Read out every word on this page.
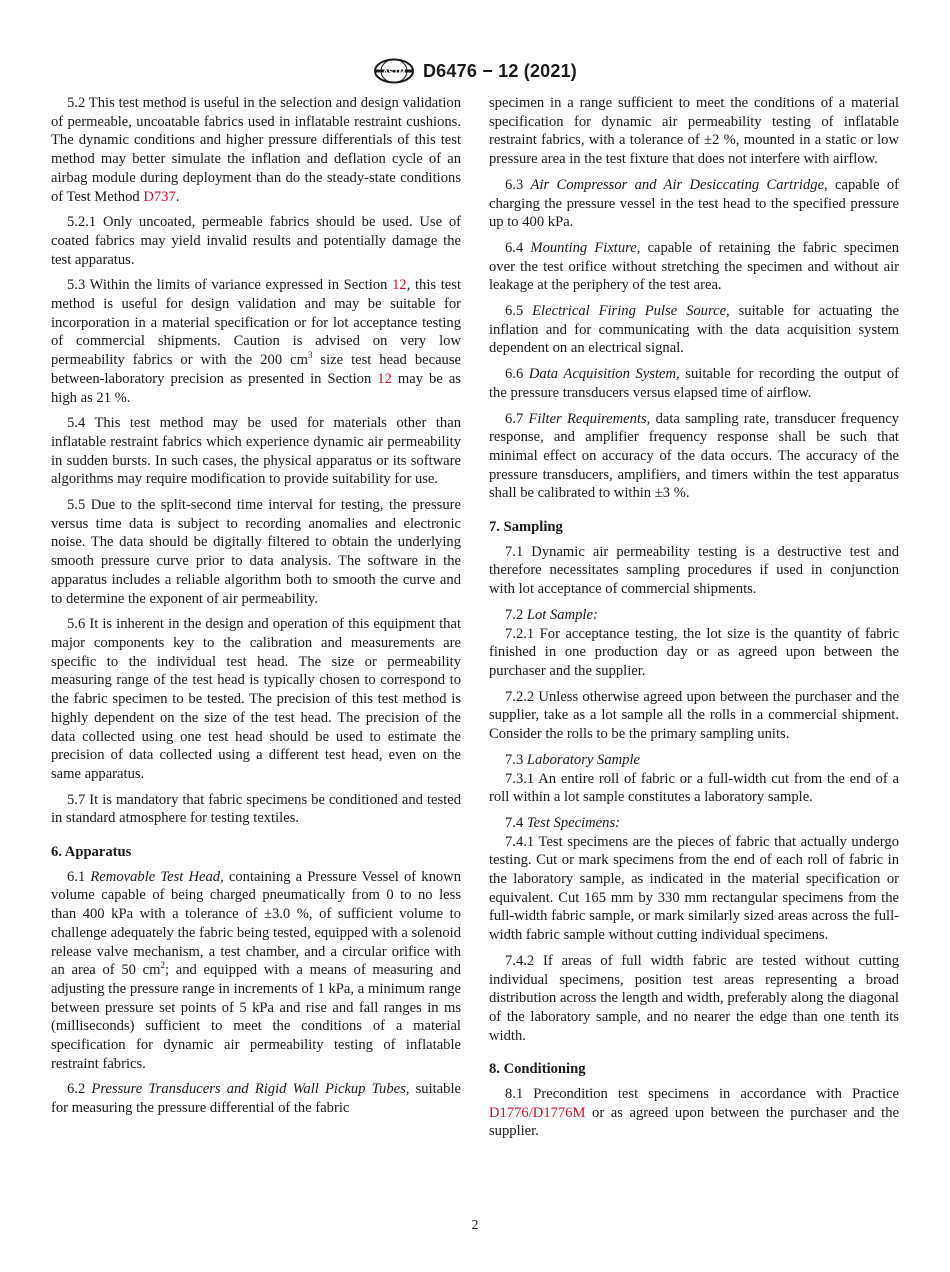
ASTM D6476 − 12 (2021)

5.2 This test method is useful in the selection and design validation of permeable, uncoatable fabrics used in inflatable restraint cushions. The dynamic conditions and higher pressure differentials of this test method may better simulate the inflation and deflation cycle of an airbag module during deployment than do the steady-state conditions of Test Method D737.

5.2.1 Only uncoated, permeable fabrics should be used. Use of coated fabrics may yield invalid results and potentially damage the test apparatus.

5.3 Within the limits of variance expressed in Section 12, this test method is useful for design validation and may be suitable for incorporation in a material specification or for lot acceptance testing of commercial shipments. Caution is advised on very low permeability fabrics or with the 200 $cm^3$ size test head because between-laboratory precision as presented in Section 12 may be as high as 21 %.

5.4 This test method may be used for materials other than inflatable restraint fabrics which experience dynamic air permeability in sudden bursts. In such cases, the physical apparatus or its software algorithms may require modification to provide suitability for use.

5.5 Due to the split-second time interval for testing, the pressure versus time data is subject to recording anomalies and electronic noise. The data should be digitally filtered to obtain the underlying smooth pressure curve prior to data analysis. The software in the apparatus includes a reliable algorithm both to smooth the curve and to determine the exponent of air permeability.

5.6 It is inherent in the design and operation of this equipment that major components key to the calibration and measurements are specific to the individual test head. The size or permeability measuring range of the test head is typically chosen to correspond to the fabric specimen to be tested. The precision of this test method is highly dependent on the size of the test head. The precision of the data collected using one test head should be used to estimate the precision of data collected using a different test head, even on the same apparatus.

5.7 It is mandatory that fabric specimens be conditioned and tested in standard atmosphere for testing textiles.

6. Apparatus

6.1 Removable Test Head, containing a Pressure Vessel of known volume capable of being charged pneumatically from 0 to no less than 400 kPa with a tolerance of ±3.0 %, of sufficient volume to challenge adequately the fabric being tested, equipped with a solenoid release valve mechanism, a test chamber, and a circular orifice with an area of 50 $cm^2$; and equipped with a means of measuring and adjusting the pressure range in increments of 1 kPa, a minimum range between pressure set points of 5 kPa and rise and fall ranges in ms (milliseconds) sufficient to meet the conditions of a material specification for dynamic air permeability testing of inflatable restraint fabrics.

6.2 Pressure Transducers and Rigid Wall Pickup Tubes, suitable for measuring the pressure differential of the fabric

specimen in a range sufficient to meet the conditions of a material specification for dynamic air permeability testing of inflatable restraint fabrics, with a tolerance of ±2 %, mounted in a static or low pressure area in the test fixture that does not interfere with airflow.

6.3 Air Compressor and Air Desiccating Cartridge, capable of charging the pressure vessel in the test head to the specified pressure up to 400 kPa.

6.4 Mounting Fixture, capable of retaining the fabric specimen over the test orifice without stretching the specimen and without air leakage at the periphery of the test area.

6.5 Electrical Firing Pulse Source, suitable for actuating the inflation and for communicating with the data acquisition system dependent on an electrical signal.

6.6 Data Acquisition System, suitable for recording the output of the pressure transducers versus elapsed time of airflow.

6.7 Filter Requirements, data sampling rate, transducer frequency response, and amplifier frequency response shall be such that minimal effect on accuracy of the data occurs. The accuracy of the pressure transducers, amplifiers, and timers within the test apparatus shall be calibrated to within ±3 %.

7. Sampling

7.1 Dynamic air permeability testing is a destructive test and therefore necessitates sampling procedures if used in conjunction with lot acceptance of commercial shipments.

7.2 Lot Sample:

7.2.1 For acceptance testing, the lot size is the quantity of fabric finished in one production day or as agreed upon between the purchaser and the supplier.

7.2.2 Unless otherwise agreed upon between the purchaser and the supplier, take as a lot sample all the rolls in a commercial shipment. Consider the rolls to be the primary sampling units.

7.3 Laboratory Sample

7.3.1 An entire roll of fabric or a full-width cut from the end of a roll within a lot sample constitutes a laboratory sample.

7.4 Test Specimens:

7.4.1 Test specimens are the pieces of fabric that actually undergo testing. Cut or mark specimens from the end of each roll of fabric in the laboratory sample, as indicated in the material specification or equivalent. Cut 165 mm by 330 mm rectangular specimens from the full-width fabric sample, or mark similarly sized areas across the full-width fabric sample without cutting individual specimens.

7.4.2 If areas of full width fabric are tested without cutting individual specimens, position test areas representing a broad distribution across the length and width, preferably along the diagonal of the laboratory sample, and no nearer the edge than one tenth its width.

8. Conditioning

8.1 Precondition test specimens in accordance with Practice D1776/D1776M or as agreed upon between the purchaser and the supplier.

2
